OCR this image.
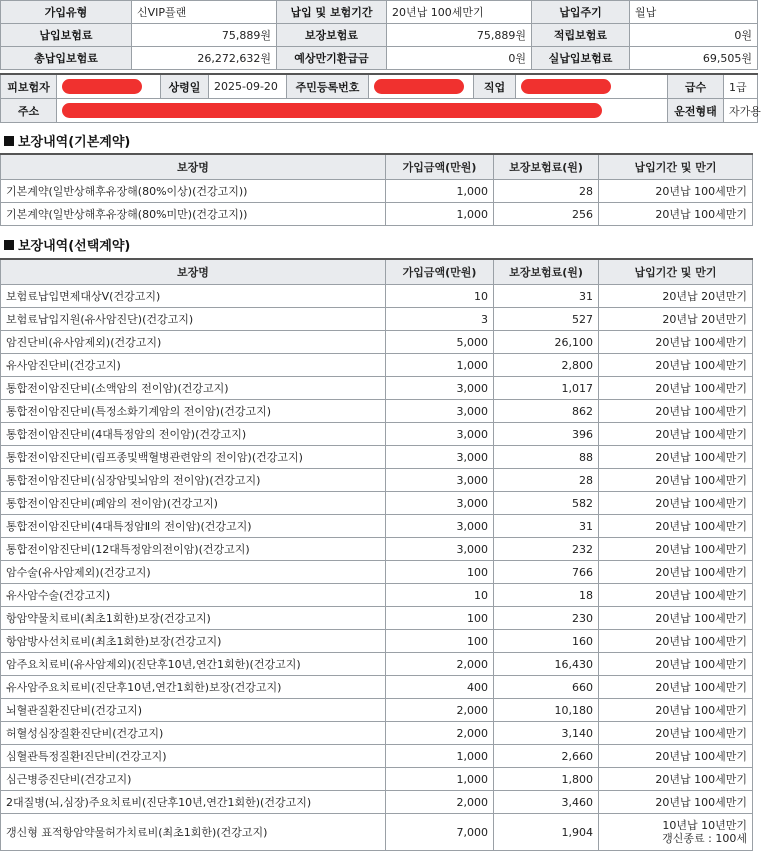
가입유형	신VIP플랜	납입 및 보험기간	20년납 100세만기	납입주기	월납
납입보험료	75,889원	보장보험료	75,889원	적립보험료	0원
총납입보험료	26,272,632원	예상만기환급금	0원	실납입보험료	69,505원
피보험자		상령일	2025-09-20	주민등록번호		직업		급수	1급
주소								운전형태	자가용
보장내역(기본계약)
보장명	가입금액(만원)	보장보험료(원)	납입기간 및 만기
기본계약(일반상해후유장해(80%이상)(건강고지))	1,000	28	20년납 100세만기
기본계약(일반상해후유장해(80%미만)(건강고지))	1,000	256	20년납 100세만기
보장내역(선택계약)
보장명	가입금액(만원)	보장보험료(원)	납입기간 및 만기
보험료납입면제대상Ⅴ(건강고지)	10	31	20년납 20년만기
보험료납입지원(유사암진단)(건강고지)	3	527	20년납 20년만기
암진단비(유사암제외)(건강고지)	5,000	26,100	20년납 100세만기
유사암진단비(건강고지)	1,000	2,800	20년납 100세만기
통합전이암진단비(소액암의 전이암)(건강고지)	3,000	1,017	20년납 100세만기
통합전이암진단비(특정소화기계암의 전이암)(건강고지)	3,000	862	20년납 100세만기
통합전이암진단비(4대특정암의 전이암)(건강고지)	3,000	396	20년납 100세만기
통합전이암진단비(림프종및백혈병관련암의 전이암)(건강고지)	3,000	88	20년납 100세만기
통합전이암진단비(심장암및뇌암의 전이암)(건강고지)	3,000	28	20년납 100세만기
통합전이암진단비(폐암의 전이암)(건강고지)	3,000	582	20년납 100세만기
통합전이암진단비(4대특정암Ⅱ의 전이암)(건강고지)	3,000	31	20년납 100세만기
통합전이암진단비(12대특정암의전이암)(건강고지)	3,000	232	20년납 100세만기
암수술(유사암제외)(건강고지)	100	766	20년납 100세만기
유사암수술(건강고지)	10	18	20년납 100세만기
항암약물치료비(최초1회한)보장(건강고지)	100	230	20년납 100세만기
항암방사선치료비(최초1회한)보장(건강고지)	100	160	20년납 100세만기
암주요치료비(유사암제외)(진단후10년,연간1회한)(건강고지)	2,000	16,430	20년납 100세만기
유사암주요치료비(진단후10년,연간1회한)보장(건강고지)	400	660	20년납 100세만기
뇌혈관질환진단비(건강고지)	2,000	10,180	20년납 100세만기
허혈성심장질환진단비(건강고지)	2,000	3,140	20년납 100세만기
심혈관특정질환Ⅰ진단비(건강고지)	1,000	2,660	20년납 100세만기
심근병증진단비(건강고지)	1,000	1,800	20년납 100세만기
2대질병(뇌,심장)주요치료비(진단후10년,연간1회한)(건강고지)	2,000	3,460	20년납 100세만기
갱신형 표적항암약물허가치료비(최초1회한)(건강고지)	7,000	1,904	10년납 10년만기
갱신종료 : 100세
